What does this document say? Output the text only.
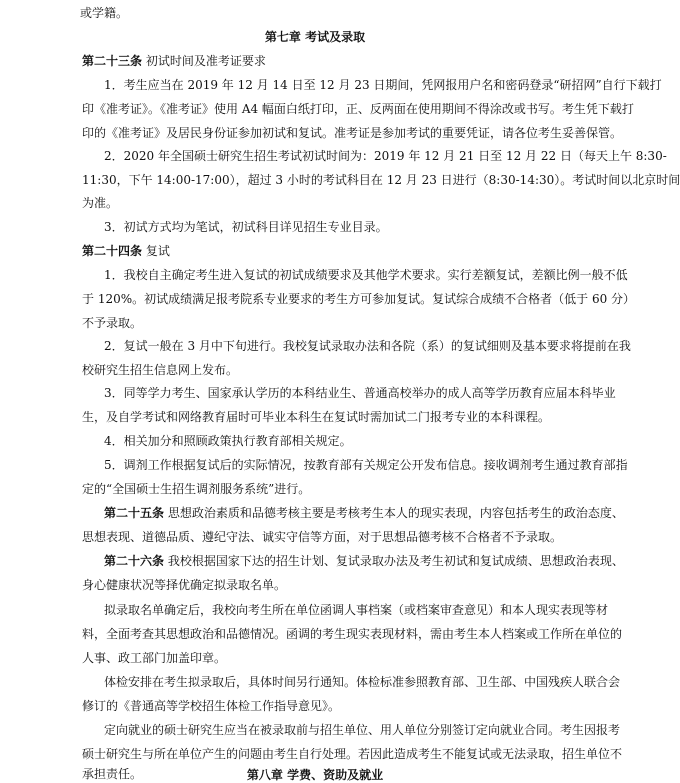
或学籍。
第七章 考试及录取
第二十三条 初试时间及准考证要求
1．考生应当在 2019 年 12 月 14 日至 12 月 23 日期间，凭网报用户名和密码登录“研招网”自行下载打
印《准考证》。《准考证》使用 A4 幅面白纸打印，正、反两面在使用期间不得涂改或书写。考生凭下载打
印的《准考证》及居民身份证参加初试和复试。准考证是参加考试的重要凭证，请各位考生妥善保管。
2．2020 年全国硕士研究生招生考试初试时间为：2019 年 12 月 21 日至 12 月 22 日（每天上午 8:30-
11:30，下午 14:00-17:00），超过 3 小时的考试科目在 12 月 23 日进行（8:30-14:30）。考试时间以北京时间
为准。
3．初试方式均为笔试，初试科目详见招生专业目录。
第二十四条 复试
1．我校自主确定考生进入复试的初试成绩要求及其他学术要求。实行差额复试，差额比例一般不低
于 120%。初试成绩满足报考院系专业要求的考生方可参加复试。复试综合成绩不合格者（低于 60 分）
不予录取。
2．复试一般在 3 月中下旬进行。我校复试录取办法和各院（系）的复试细则及基本要求将提前在我
校研究生招生信息网上发布。
3．同等学力考生、国家承认学历的本科结业生、普通高校举办的成人高等学历教育应届本科毕业
生，及自学考试和网络教育届时可毕业本科生在复试时需加试二门报考专业的本科课程。
4．相关加分和照顾政策执行教育部相关规定。
5．调剂工作根据复试后的实际情况，按教育部有关规定公开发布信息。接收调剂考生通过教育部指
定的“全国硕士生招生调剂服务系统”进行。
第二十五条 思想政治素质和品德考核主要是考核考生本人的现实表现，内容包括考生的政治态度、
思想表现、道德品质、遵纪守法、诚实守信等方面，对于思想品德考核不合格者不予录取。
第二十六条 我校根据国家下达的招生计划、复试录取办法及考生初试和复试成绩、思想政治表现、
身心健康状况等择优确定拟录取名单。
拟录取名单确定后，我校向考生所在单位函调人事档案（或档案审查意见）和本人现实表现等材
料，全面考查其思想政治和品德情况。函调的考生现实表现材料，需由考生本人档案或工作所在单位的
人事、政工部门加盖印章。
体检安排在考生拟录取后，具体时间另行通知。体检标准参照教育部、卫生部、中国残疾人联合会
修订的《普通高等学校招生体检工作指导意见》。
定向就业的硕士研究生应当在被录取前与招生单位、用人单位分别签订定向就业合同。考生因报考
硕士研究生与所在单位产生的问题由考生自行处理。若因此造成考生不能复试或无法录取，招生单位不
承担责任。	第八章 学费、资助及就业
